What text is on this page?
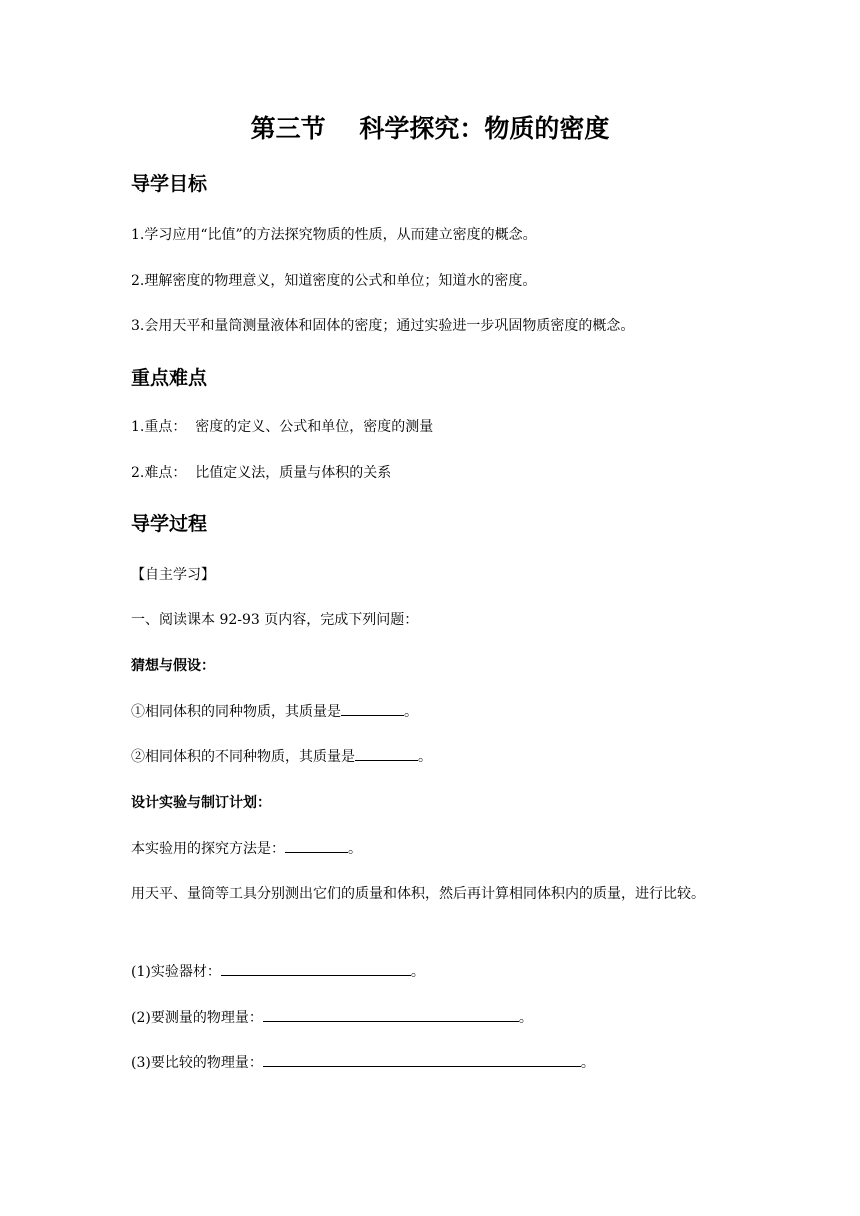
第三节　 科学探究：物质的密度
导学目标
1.学习应用“比值”的方法探究物质的性质，从而建立密度的概念。
2.理解密度的物理意义，知道密度的公式和单位；知道水的密度。
3.会用天平和量筒测量液体和固体的密度；通过实验进一步巩固物质密度的概念。
重点难点
1.重点：  密度的定义、公式和单位，密度的测量
2.难点：  比值定义法，质量与体积的关系
导学过程
【自主学习】
一、阅读课本 92-93 页内容，完成下列问题：
猜想与假设：
①相同体积的同种物质，其质量是	。
②相同体积的不同种物质，其质量是	。
设计实验与制订计划：
本实验用的探究方法是：	。
用天平、量筒等工具分别测出它们的质量和体积，然后再计算相同体积内的质量，进行比较。
(1)实验器材：	。
(2)要测量的物理量：	。
(3)要比较的物理量：	。
